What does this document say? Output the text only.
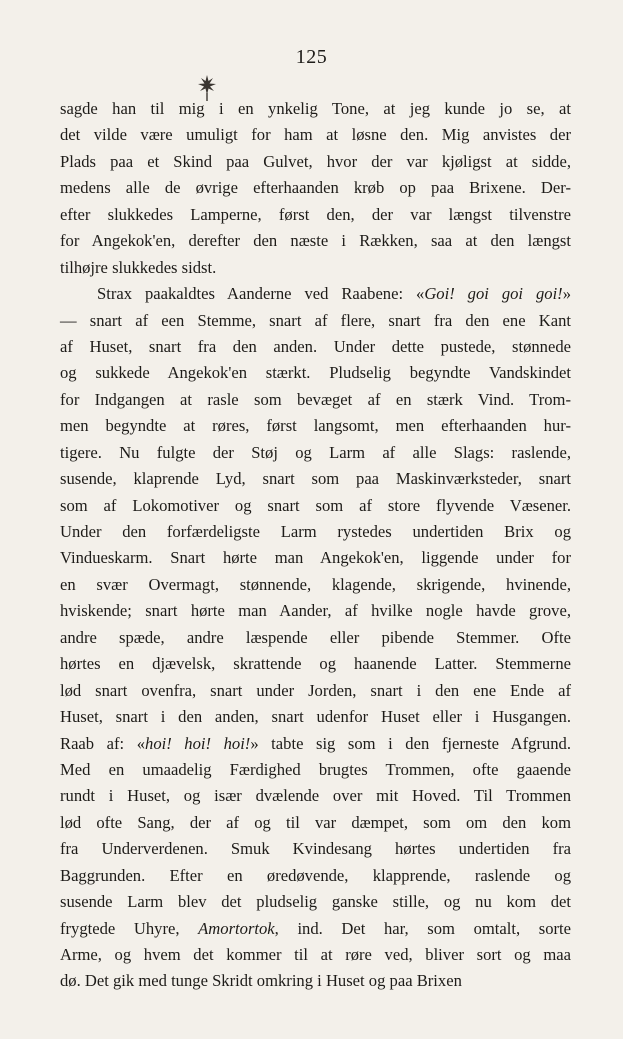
125
sagde han til mig i en ynkelig Tone, at jeg kunde jo se, at
det vilde være umuligt for ham at løsne den. Mig anvistes der
Plads paa et Skind paa Gulvet, hvor der var kjøligst at sidde,
medens alle de øvrige efterhaanden krøb op paa Brixene. Der-
efter slukkedes Lamperne, først den, der var længst tilvenstre
for Angekok'en, derefter den næste i Rækken, saa at den længst
tilhøjre slukkedes sidst.
Strax paakaldtes Aanderne ved Raabene: «Goi! goi goi goi!»
— snart af een Stemme, snart af flere, snart fra den ene Kant
af Huset, snart fra den anden. Under dette pustede, stønnede
og sukkede Angekok'en stærkt. Pludselig begyndte Vandskindet
for Indgangen at rasle som bevæget af en stærk Vind. Trom-
men begyndte at røres, først langsomt, men efterhaanden hur-
tigere. Nu fulgte der Støj og Larm af alle Slags: raslende,
susende, klaprende Lyd, snart som paa Maskinværksteder, snart
som af Lokomotiver og snart som af store flyvende Væsener.
Under den forfærdeligste Larm rystedes undertiden Brix og
Vindueskarm. Snart hørte man Angekok'en, liggende under for
en svær Overmagt, stønnende, klagende, skrigende, hvinende,
hviskende; snart hørte man Aander, af hvilke nogle havde grove,
andre spæde, andre læspende eller pibende Stemmer. Ofte
hørtes en djævelsk, skrattende og haanende Latter. Stemmerne
lød snart ovenfra, snart under Jorden, snart i den ene Ende af
Huset, snart i den anden, snart udenfor Huset eller i Husgangen.
Raab af: «hoi! hoi! hoi!» tabte sig som i den fjerneste Afgrund.
Med en umaadelig Færdighed brugtes Trommen, ofte gaaende
rundt i Huset, og især dvælende over mit Hoved. Til Trommen
lød ofte Sang, der af og til var dæmpet, som om den kom
fra Underverdenen. Smuk Kvindesang hørtes undertiden fra
Baggrunden. Efter en øredøvende, klapprende, raslende og
susende Larm blev det pludselig ganske stille, og nu kom det
frygtede Uhyre, Amortortok, ind. Det har, som omtalt, sorte
Arme, og hvem det kommer til at røre ved, bliver sort og maa
dø. Det gik med tunge Skridt omkring i Huset og paa Brixen
